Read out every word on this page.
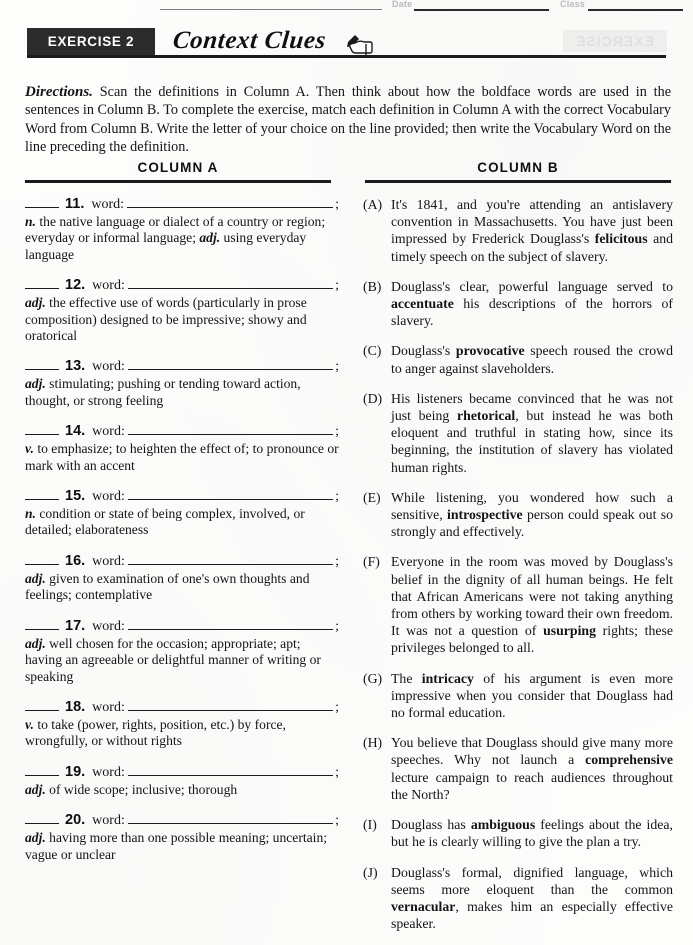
EXERCISE
Date	Class
EXERCISE 2 Context Clues
Directions. Scan the definitions in Column A. Then think about how the boldface words are used in the sentences in Column B. To complete the exercise, match each definition in Column A with the correct Vocabulary Word from Column B. Write the letter of your choice on the line provided; then write the Vocabulary Word on the line preceding the definition.
COLUMN A	COLUMN B
11. word:	;
n. the native language or dialect of a country or region; everyday or informal language; adj. using everyday language
12. word:	;
adj. the effective use of words (particularly in prose composition) designed to be impressive; showy and oratorical
13. word:	;
adj. stimulating; pushing or tending toward action, thought, or strong feeling
14. word:	;
v. to emphasize; to heighten the effect of; to pronounce or mark with an accent
15. word:	;
n. condition or state of being complex, involved, or detailed; elaborateness
16. word:	;
adj. given to examination of one's own thoughts and feelings; contemplative
17. word:	;
adj. well chosen for the occasion; appropriate; apt; having an agreeable or delightful manner of writing or speaking
18. word:	;
v. to take (power, rights, position, etc.) by force, wrongfully, or without rights
19. word:	;
adj. of wide scope; inclusive; thorough
20. word:	;
adj. having more than one possible meaning; uncertain; vague or unclear
(A) It's 1841, and you're attending an antislavery convention in Massachusetts. You have just been impressed by Frederick Douglass's felicitous and timely speech on the subject of slavery.
(B) Douglass's clear, powerful language served to accentuate his descriptions of the horrors of slavery.
(C) Douglass's provocative speech roused the crowd to anger against slaveholders.
(D) His listeners became convinced that he was not just being rhetorical, but instead he was both eloquent and truthful in stating how, since its beginning, the institution of slavery has violated human rights.
(E) While listening, you wondered how such a sensitive, introspective person could speak out so strongly and effectively.
(F) Everyone in the room was moved by Douglass's belief in the dignity of all human beings. He felt that African Americans were not taking anything from others by working toward their own freedom. It was not a question of usurping rights; these privileges belonged to all.
(G) The intricacy of his argument is even more impressive when you consider that Douglass had no formal education.
(H) You believe that Douglass should give many more speeches. Why not launch a comprehensive lecture campaign to reach audiences throughout the North?
(I)	Douglass has ambiguous feelings about the idea, but he is clearly willing to give the plan a try.
(J) Douglass's formal, dignified language, which seems more eloquent than the common vernacular, makes him an especially effective speaker.
